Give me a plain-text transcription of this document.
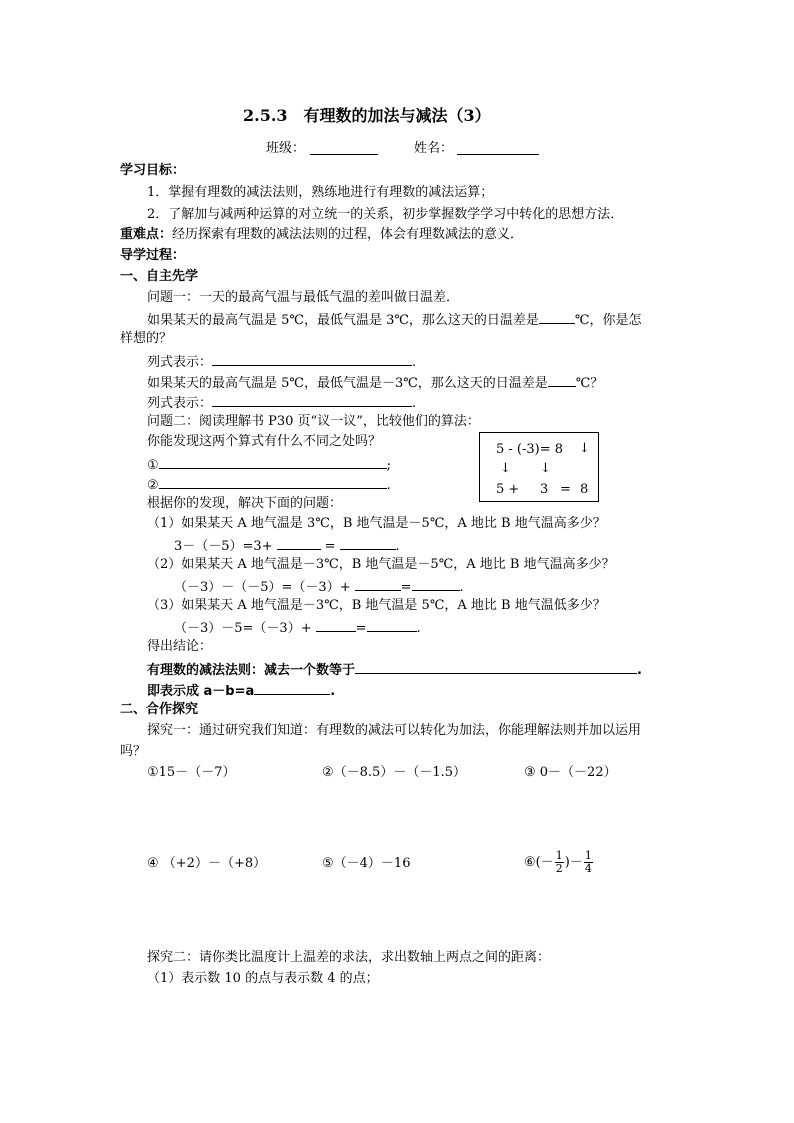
2.5.3　有理数的加法与减法（3）
班级：	姓名：
学习目标：
1．掌握有理数的减法法则，熟练地进行有理数的减法运算；
2．了解加与减两种运算的对立统一的关系，初步掌握数学学习中转化的思想方法．
重难点：经历探索有理数的减法法则的过程，体会有理数减法的意义．
导学过程：
一、自主先学
问题一：一天的最高气温与最低气温的差叫做日温差．
如果某天的最高气温是 5℃，最低气温是 3℃，那么这天的日温差是	℃，你是怎
样想的？
列式表示：	.
如果某天的最高气温是 5℃，最低气温是－3℃，那么这天的日温差是 ℃？
列式表示：	.
问题二：阅读理解书 P30 页“议一议”，比较他们的算法：
你能发现这两个算式有什么不同之处吗？
①	;
②	.
5 - (-3)= 8 ↓
↓ ↓
5 + 3 = 8
根据你的发现，解决下面的问题：
（1）如果某天 A 地气温是 3℃，B 地气温是－5℃，A 地比 B 地气温高多少？
3－（－5）=3+	=	.
（2）如果某天 A 地气温是－3℃，B 地气温是－5℃，A 地比 B 地气温高多少？
（－3）－（－5）=（－3）+	=	.
（3）如果某天 A 地气温是－3℃，B 地气温是 5℃，A 地比 B 地气温低多少？
（－3）－5=（－3）+	=	.
得出结论：
有理数的减法法则：减去一个数等于	.
即表示成 a－b=a	.
二、合作探究
探究一：通过研究我们知道：有理数的减法可以转化为加法，你能理解法则并加以运用
吗？
①15－（－7）	②（－8.5）－（－1.5）	③ 0－（－22）
④ （+2）－（+8）	⑤（－4）－16	⑥(－ $\frac{1}{2}$ )－ $\frac{1}{4}$
探究二：请你类比温度计上温差的求法，求出数轴上两点之间的距离：
（1）表示数 10 的点与表示数 4 的点；
